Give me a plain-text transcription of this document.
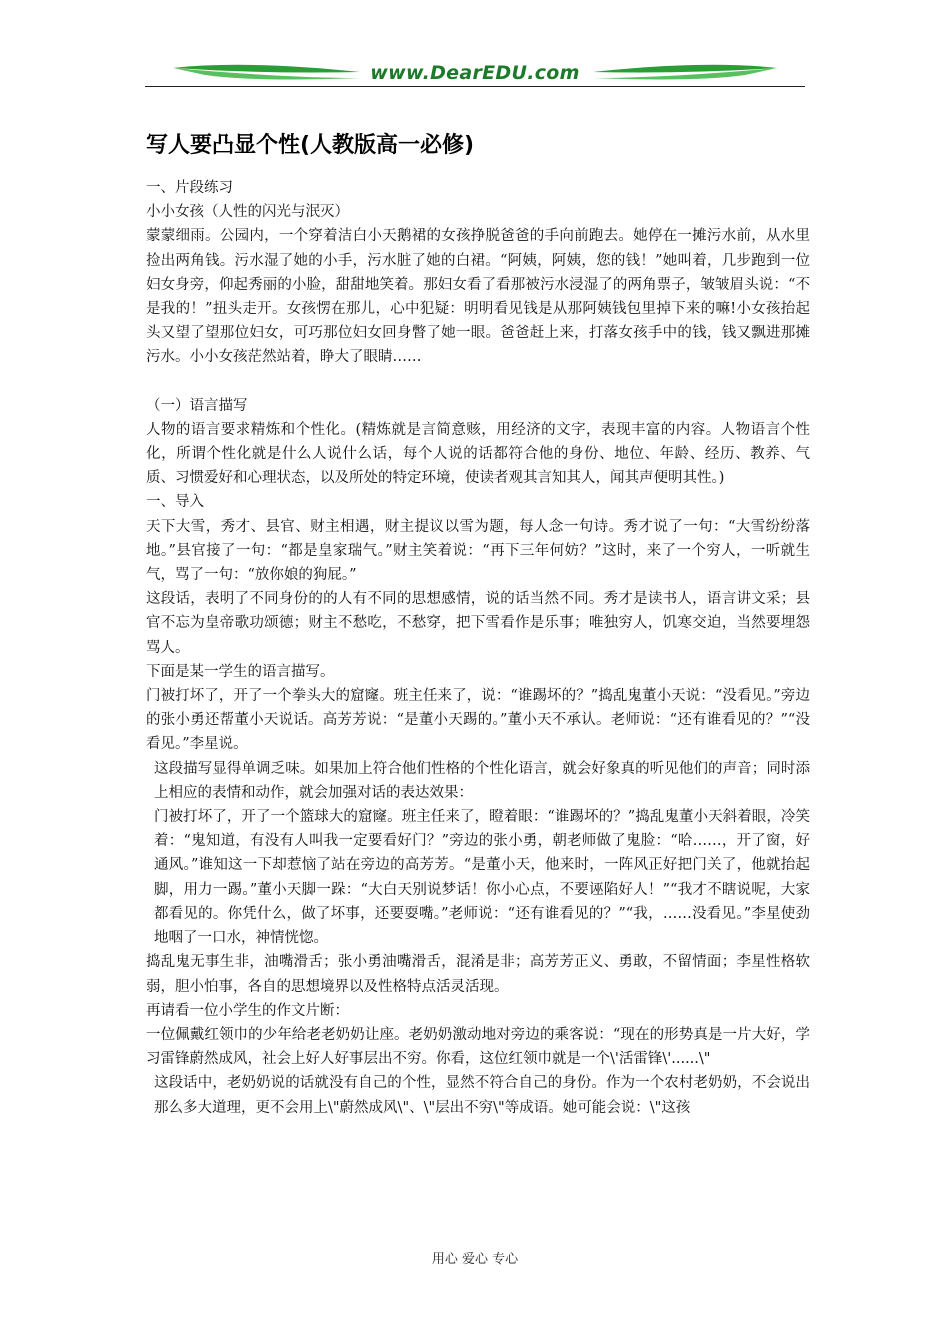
www.DearEDU.com
写人要凸显个性(人教版高一必修)

一、片段练习

小小女孩（人性的闪光与泯灭）

蒙蒙细雨。公园内，一个穿着洁白小天鹅裙的女孩挣脱爸爸的手向前跑去。她停在一摊污水前，从水里捡出两角钱。污水湿了她的小手，污水脏了她的白裙。“阿姨，阿姨，您的钱！”她叫着，几步跑到一位妇女身旁，仰起秀丽的小脸，甜甜地笑着。那妇女看了看那被污水浸湿了的两角票子，皱皱眉头说：“不是我的！”扭头走开。女孩愣在那儿，心中犯疑：明明看见钱是从那阿姨钱包里掉下来的嘛!小女孩抬起头又望了望那位妇女，可巧那位妇女回身瞥了她一眼。爸爸赶上来，打落女孩手中的钱，钱又飘进那摊污水。小小女孩茫然站着，睁大了眼睛……

（一）语言描写

人物的语言要求精炼和个性化。(精炼就是言简意赅，用经济的文字，表现丰富的内容。人物语言个性化，所谓个性化就是什么人说什么话，每个人说的话都符合他的身份、地位、年龄、经历、教养、气质、习惯爱好和心理状态，以及所处的特定环境，使读者观其言知其人，闻其声便明其性。)

一、导入

天下大雪，秀才、县官、财主相遇，财主提议以雪为题，每人念一句诗。秀才说了一句：“大雪纷纷落地。”县官接了一句：“都是皇家瑞气。”财主笑着说：“再下三年何妨？”这时，来了一个穷人，一听就生气，骂了一句：“放你娘的狗屁。”

这段话，表明了不同身份的的人有不同的思想感情，说的话当然不同。秀才是读书人，语言讲文采；县官不忘为皇帝歌功颂德；财主不愁吃，不愁穿，把下雪看作是乐事；唯独穷人，饥寒交迫，当然要埋怨骂人。

下面是某一学生的语言描写。

门被打坏了，开了一个拳头大的窟窿。班主任来了，说：“谁踢坏的？”捣乱鬼董小天说：“没看见。”旁边的张小勇还帮董小天说话。高芳芳说：“是董小天踢的。”董小天不承认。老师说：“还有谁看见的？”“没看见。”李星说。

这段描写显得单调乏味。如果加上符合他们性格的个性化语言，就会好象真的听见他们的声音；同时添上相应的表情和动作，就会加强对话的表达效果：

门被打坏了，开了一个篮球大的窟窿。班主任来了，瞪着眼：“谁踢坏的？”捣乱鬼董小天斜着眼，冷笑着：“鬼知道，有没有人叫我一定要看好门？”旁边的张小勇，朝老师做了鬼脸：“哈……，开了窗，好通风。”谁知这一下却惹恼了站在旁边的高芳芳。“是董小天，他来时，一阵风正好把门关了，他就抬起脚，用力一踢。”董小天脚一跺：“大白天别说梦话！你小心点，不要诬陷好人！”“我才不瞎说呢，大家都看见的。你凭什么，做了坏事，还要耍嘴。”老师说：“还有谁看见的？”“我，……没看见。”李星使劲地咽了一口水，神情恍惚。

捣乱鬼无事生非，油嘴滑舌；张小勇油嘴滑舌，混淆是非；高芳芳正义、勇敢，不留情面；李星性格软弱，胆小怕事，各自的思想境界以及性格特点活灵活现。

再请看一位小学生的作文片断：

一位佩戴红领巾的少年给老老奶奶让座。老奶奶激动地对旁边的乘客说：“现在的形势真是一片大好，学习雷锋蔚然成风，社会上好人好事层出不穷。你看，这位红领巾就是一个\'活雷锋\'......\"

这段话中，老奶奶说的话就没有自己的个性，显然不符合自己的身份。作为一个农村老奶奶，不会说出那么多大道理，更不会用上\"蔚然成风\"、\"层出不穷\"等成语。她可能会说：\"这孩

用心 爱心 专心
